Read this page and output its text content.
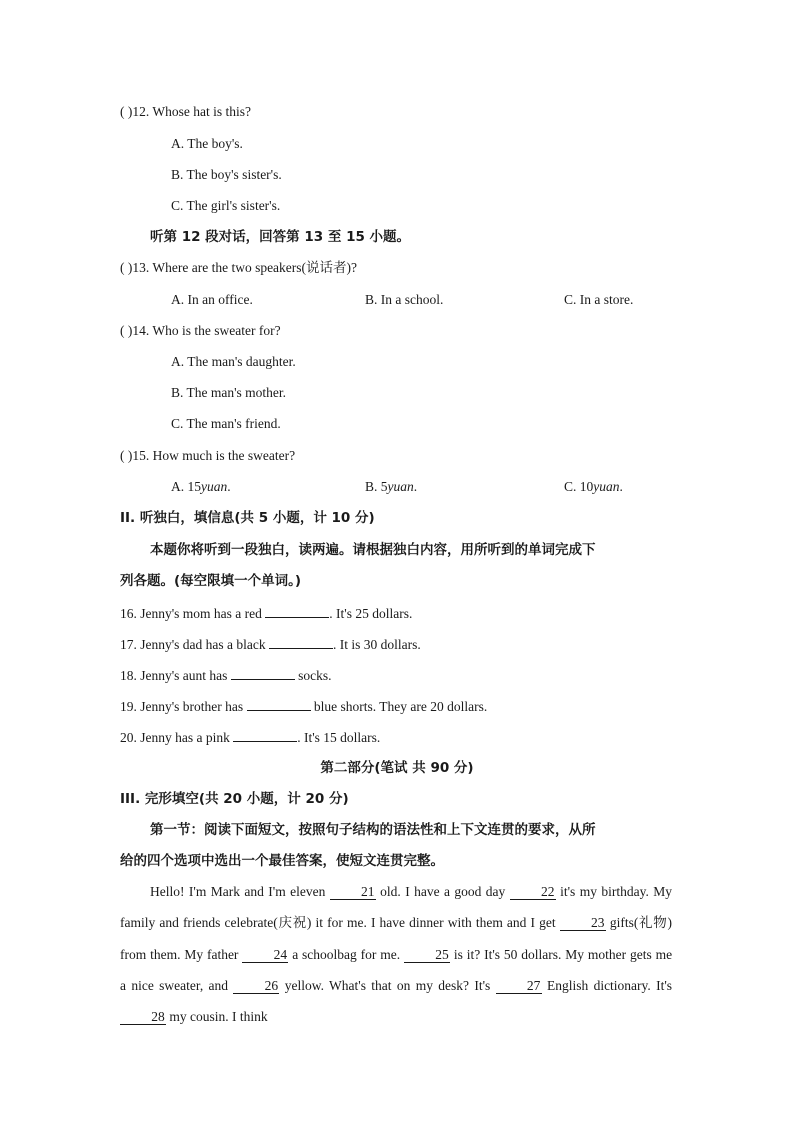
( )12. Whose hat is this?
A. The boy's.
B. The boy's sister's.
C. The girl's sister's.
听第 12 段对话，回答第 13 至 15 小题。
( )13. Where are the two speakers(说话者)?
A. In an office.	B. In a school.	C. In a store.
( )14. Who is the sweater for?
A. The man's daughter.
B. The man's mother.
C. The man's friend.
( )15. How much is the sweater?
A. 15yuan.	B. 5yuan.	C. 10yuan.
II. 听独白，填信息(共 5 小题，计 10 分)
本题你将听到一段独白，读两遍。请根据独白内容，用所听到的单词完成下
列各题。(每空限填一个单词。)
16. Jenny's mom has a red	. It's 25 dollars.
17. Jenny's dad has a black	. It is 30 dollars.
18. Jenny's aunt has	socks.
19. Jenny's brother has	blue shorts. They are 20 dollars.
20. Jenny has a pink	. It's 15 dollars.
第二部分(笔试 共 90 分)
III. 完形填空(共 20 小题，计 20 分)
第一节：阅读下面短文，按照句子结构的语法性和上下文连贯的要求，从所
给的四个选项中选出一个最佳答案，使短文连贯完整。
Hello! I'm Mark and I'm eleven	21 old. I have a good day	22 it's my birthday. My family and friends celebrate(庆祝) it for me. I have dinner with them and I get	23 gifts(礼物) from them. My father	24 a schoolbag for me.	25 is it? It's 50 dollars. My mother gets me a nice sweater, and	26 yellow. What's that on my desk? It's	27 English dictionary. It's 28 my cousin. I think
